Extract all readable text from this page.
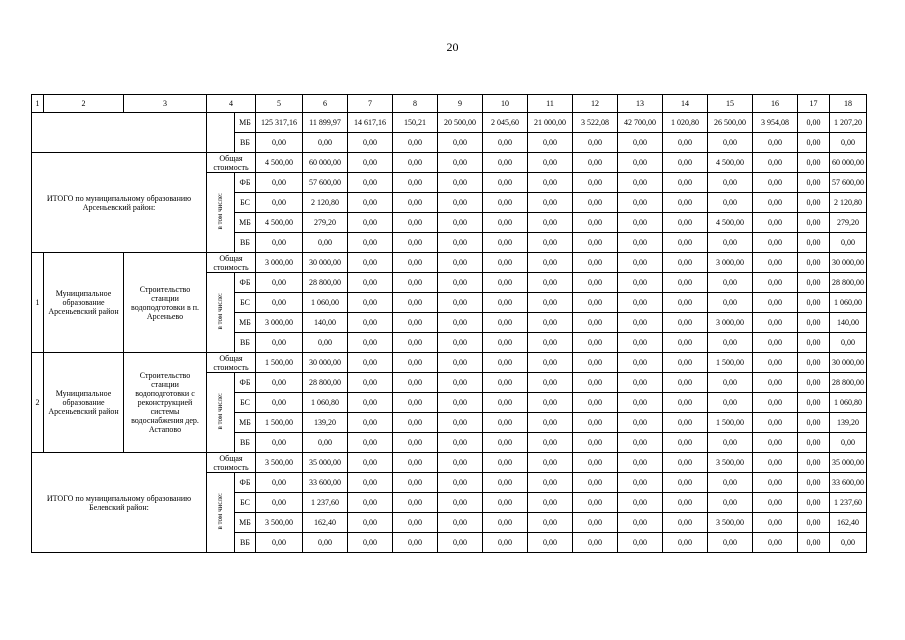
20
1	2	3	4		5	6	7	8	9	10	11	12	13	14	15	16	17	18
				МБ	125 317,16	11 899,97	14 617,16	150,21	20 500,00	2 045,60	21 000,00	3 522,08	42 700,00	1 020,80	26 500,00	3 954,08	0,00	1 207,20
				ВБ	0,00	0,00	0,00	0,00	0,00	0,00	0,00	0,00	0,00	0,00	0,00	0,00	0,00	0,00
ИТОГО по муниципальному образованию Арсеньевский район:			Общая стоимость		4 500,00	60 000,00	0,00	0,00	0,00	0,00	0,00	0,00	0,00	0,00	4 500,00	0,00	0,00	60 000,00
			в том числе:	ФБ	0,00	57 600,00	0,00	0,00	0,00	0,00	0,00	0,00	0,00	0,00	0,00	0,00	0,00	57 600,00
				БС	0,00	2 120,80	0,00	0,00	0,00	0,00	0,00	0,00	0,00	0,00	0,00	0,00	0,00	2 120,80
				МБ	4 500,00	279,20	0,00	0,00	0,00	0,00	0,00	0,00	0,00	0,00	4 500,00	0,00	0,00	279,20
				ВБ	0,00	0,00	0,00	0,00	0,00	0,00	0,00	0,00	0,00	0,00	0,00	0,00	0,00	0,00
1	Муниципальное образование Арсеньевский район	Строительство станции водоподготовки в п. Арсеньево	Общая стоимость		3 000,00	30 000,00	0,00	0,00	0,00	0,00	0,00	0,00	0,00	0,00	3 000,00	0,00	0,00	30 000,00
			в том числе:	ФБ	0,00	28 800,00	0,00	0,00	0,00	0,00	0,00	0,00	0,00	0,00	0,00	0,00	0,00	28 800,00
				БС	0,00	1 060,00	0,00	0,00	0,00	0,00	0,00	0,00	0,00	0,00	0,00	0,00	0,00	1 060,00
				МБ	3 000,00	140,00	0,00	0,00	0,00	0,00	0,00	0,00	0,00	0,00	3 000,00	0,00	0,00	140,00
				ВБ	0,00	0,00	0,00	0,00	0,00	0,00	0,00	0,00	0,00	0,00	0,00	0,00	0,00	0,00
2	Муниципальное образование Арсеньевский район	Строительство станции водоподготовки с реконструкцией системы водоснабжения дер. Астапово	Общая стоимость		1 500,00	30 000,00	0,00	0,00	0,00	0,00	0,00	0,00	0,00	0,00	1 500,00	0,00	0,00	30 000,00
			в том числе:	ФБ	0,00	28 800,00	0,00	0,00	0,00	0,00	0,00	0,00	0,00	0,00	0,00	0,00	0,00	28 800,00
				БС	0,00	1 060,80	0,00	0,00	0,00	0,00	0,00	0,00	0,00	0,00	0,00	0,00	0,00	1 060,80
				МБ	1 500,00	139,20	0,00	0,00	0,00	0,00	0,00	0,00	0,00	0,00	1 500,00	0,00	0,00	139,20
				ВБ	0,00	0,00	0,00	0,00	0,00	0,00	0,00	0,00	0,00	0,00	0,00	0,00	0,00	0,00
ИТОГО по муниципальному образованию Белевский район:			Общая стоимость		3 500,00	35 000,00	0,00	0,00	0,00	0,00	0,00	0,00	0,00	0,00	3 500,00	0,00	0,00	35 000,00
			в том числе:	ФБ	0,00	33 600,00	0,00	0,00	0,00	0,00	0,00	0,00	0,00	0,00	0,00	0,00	0,00	33 600,00
				БС	0,00	1 237,60	0,00	0,00	0,00	0,00	0,00	0,00	0,00	0,00	0,00	0,00	0,00	1 237,60
				МБ	3 500,00	162,40	0,00	0,00	0,00	0,00	0,00	0,00	0,00	0,00	3 500,00	0,00	0,00	162,40
				ВБ	0,00	0,00	0,00	0,00	0,00	0,00	0,00	0,00	0,00	0,00	0,00	0,00	0,00	0,00
